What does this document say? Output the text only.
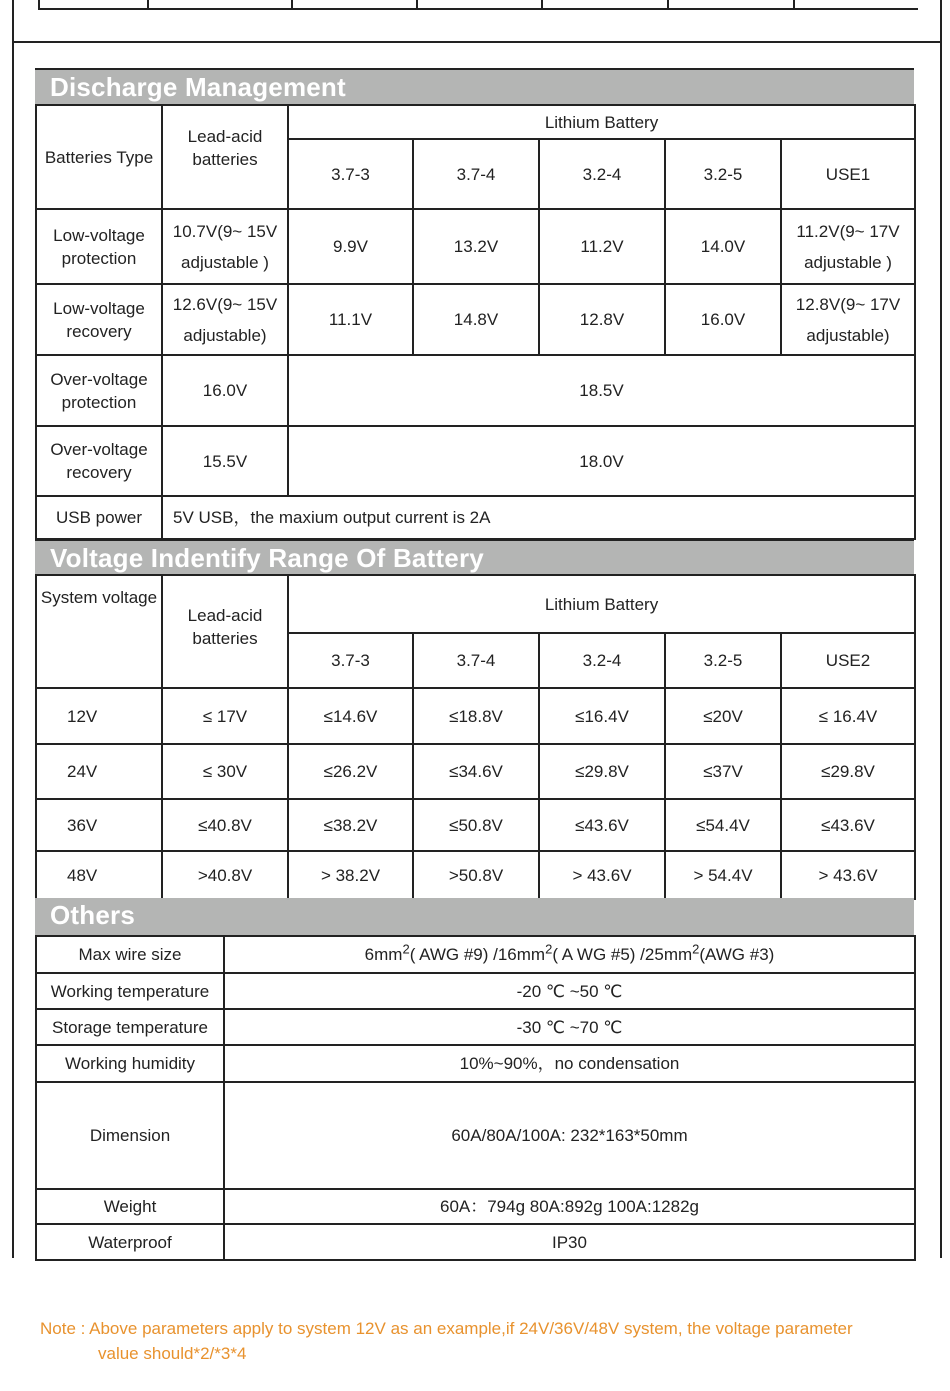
Discharge Management
Batteries Type	Lead-acid batteries	Lithium Battery				
		3.7-3	3.7-4	3.2-4	3.2-5	USE1
Low-voltage protection	10.7V(9~ 15V adjustable )	9.9V	13.2V	11.2V	14.0V	11.2V(9~ 17V adjustable )
Low-voltage recovery	12.6V(9~ 15V adjustable)	11.1V	14.8V	12.8V	16.0V	12.8V(9~ 17V adjustable)
Over-voltage protection	16.0V	18.5V				
Over-voltage recovery	15.5V	18.0V				
USB power	5V USB，the maxium output current is 2A					
Voltage Indentify Range Of Battery
System voltage	Lead-acid batteries	Lithium Battery				
		3.7-3	3.7-4	3.2-4	3.2-5	USE2
12V	≤ 17V	≤14.6V	≤18.8V	≤16.4V	≤20V	≤ 16.4V
24V	≤ 30V	≤26.2V	≤34.6V	≤29.8V	≤37V	≤29.8V
36V	≤40.8V	≤38.2V	≤50.8V	≤43.6V	≤54.4V	≤43.6V
48V	>40.8V	> 38.2V	>50.8V	> 43.6V	> 54.4V	> 43.6V
Others
Max wire size	$6mm^2$( AWG #9) $/16mm^2$( A WG #5) $/25mm^2(AWG$ #3)
Working temperature	-20 ℃ ~50 ℃
Storage temperature	-30 ℃ ~70 ℃
Working humidity	10%~90%，no condensation
Dimension	60A/80A/100A: 232*163*50mm
Weight	60A：794g 80A:892g 100A:1282g
Waterproof	IP30
Note : Above parameters apply to system 12V as an example,if 24V/36V/48V system, the voltage parameter
value should*2/*3*4
